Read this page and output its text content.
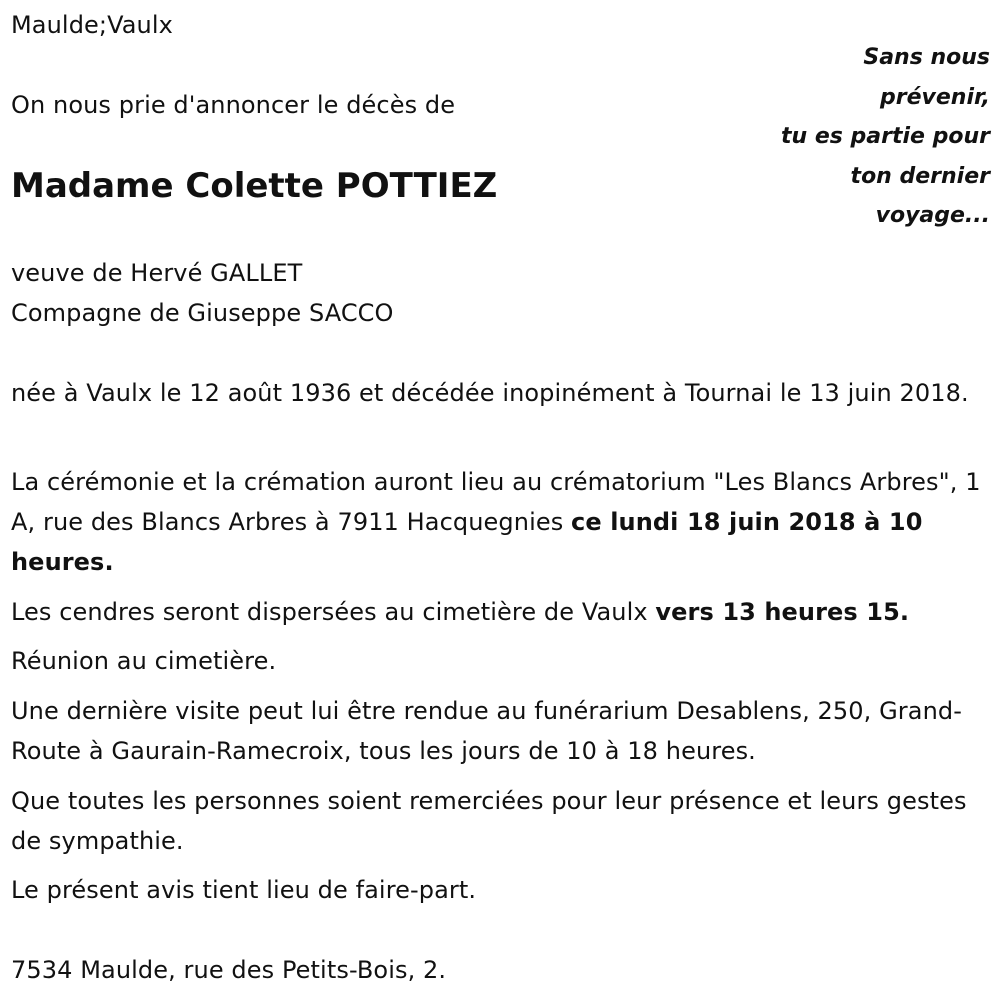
Maulde;Vaulx
Sans nous
prévenir,
tu es partie pour
ton dernier
voyage...
On nous prie d'annoncer le décès de
Madame Colette POTTIEZ
veuve de Hervé GALLET
Compagne de Giuseppe SACCO
née à Vaulx le 12 août 1936 et décédée inopinément à Tournai le 13 juin 2018.
La cérémonie et la crémation auront lieu au crématorium "Les Blancs Arbres", 1 A, rue des Blancs Arbres à 7911 Hacquegnies ce lundi 18 juin 2018 à 10 heures.
Les cendres seront dispersées au cimetière de Vaulx vers 13 heures 15.
Réunion au cimetière.
Une dernière visite peut lui être rendue au funérarium Desablens, 250, Grand-Route à Gaurain-Ramecroix, tous les jours de 10 à 18 heures.
Que toutes les personnes soient remerciées pour leur présence et leurs gestes de sympathie.
Le présent avis tient lieu de faire-part.
7534 Maulde, rue des Petits-Bois, 2.
